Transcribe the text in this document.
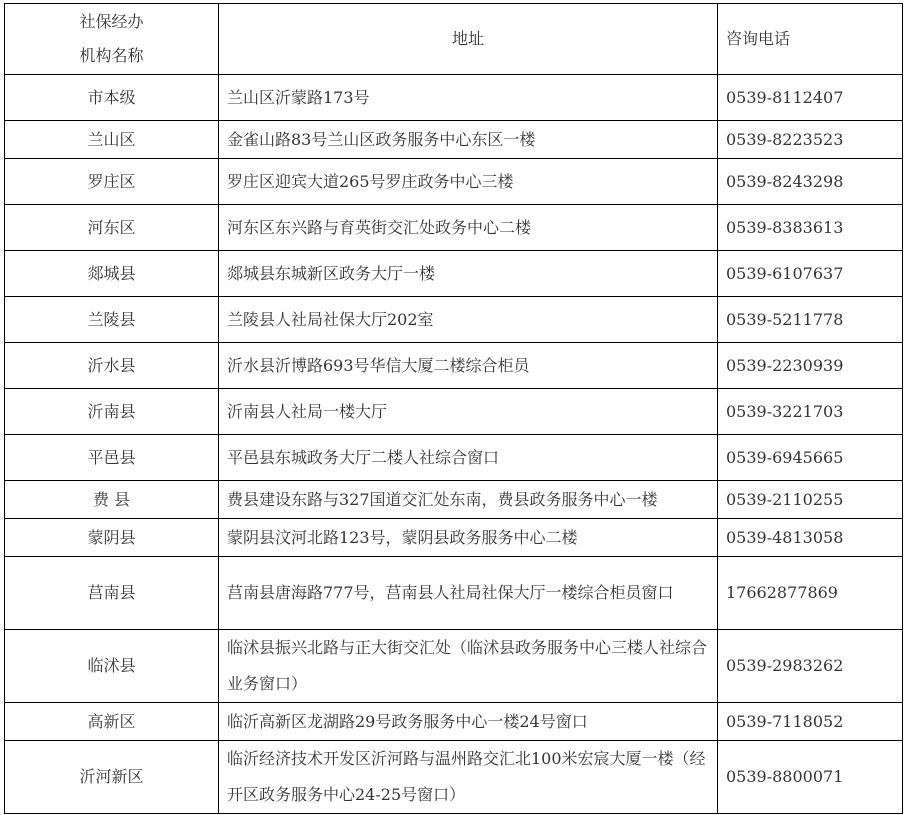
社保经办
机构名称	地址	咨询电话
市本级	兰山区沂蒙路173号	0539-8112407
兰山区	金雀山路83号兰山区政务服务中心东区一楼	0539-8223523
罗庄区	罗庄区迎宾大道265号罗庄政务中心三楼	0539-8243298
河东区	河东区东兴路与育英街交汇处政务中心二楼	0539-8383613
郯城县	郯城县东城新区政务大厅一楼	0539-6107637
兰陵县	兰陵县人社局社保大厅202室	0539-5211778
沂水县	沂水县沂博路693号华信大厦二楼综合柜员	0539-2230939
沂南县	沂南县人社局一楼大厅	0539-3221703
平邑县	平邑县东城政务大厅二楼人社综合窗口	0539-6945665
费 县	费县建设东路与327国道交汇处东南，费县政务服务中心一楼	0539-2110255
蒙阴县	蒙阴县汶河北路123号，蒙阴县政务服务中心二楼	0539-4813058
莒南县	莒南县唐海路777号，莒南县人社局社保大厅一楼综合柜员窗口	17662877869
临沭县	临沭县振兴北路与正大街交汇处（临沭县政务服务中心三楼人社综合业务窗口）	0539-2983262
高新区	临沂高新区龙湖路29号政务服务中心一楼24号窗口	0539-7118052
沂河新区	临沂经济技术开发区沂河路与温州路交汇北100米宏宸大厦一楼（经开区政务服务中心24-25号窗口）	0539-8800071
